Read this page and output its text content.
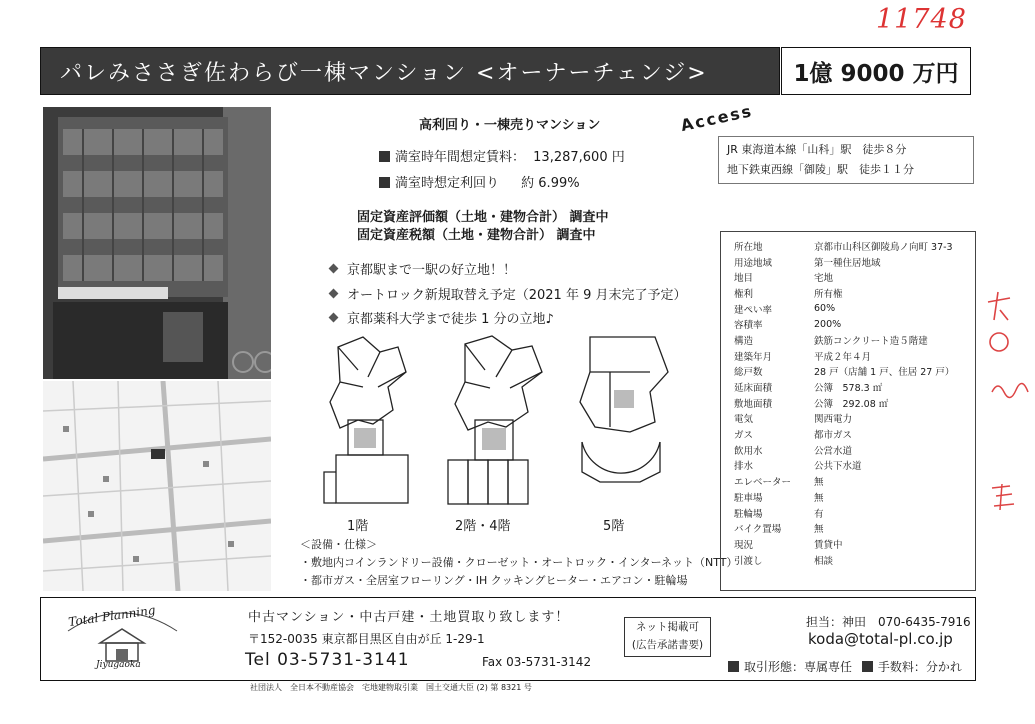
11748
パレみささぎ佐わらび一棟マンション <オーナーチェンジ>	1億 9000 万円
高利回り・一棟売りマンション
満室時年間想定賃料： 13,287,600 円
満室時想定利回り 約 6.99%
固定資産評価額（土地・建物合計） 調査中
固定資産税額（土地・建物合計） 調査中
京都駅まで一駅の好立地！！
オートロック新規取替え予定（2021 年 9 月末完了予定）
京都薬科大学まで徒歩 1 分の立地♪
Access
JR 東海道本線「山科」駅　徒歩８分
地下鉄東西線「御陵」駅　徒歩１１分
1階	2階・4階	5階
＜設備・仕様＞
・敷地内コインランドリー設備・クローゼット・オートロック・インターネット（NTT）
・都市ガス・全居室フローリング・IH クッキングヒーター・エアコン・駐輪場
所在地	京都市山科区御陵鳥ノ向町 37-3
用途地域	第一種住居地域
地目	宅地
権利	所有権
建ぺい率	60%
容積率	200%
構造	鉄筋コンクリート造５階建
建築年月	平成２年４月
総戸数	28 戸（店舗 1 戸、住居 27 戸）
延床面積	公簿　578.3 ㎡
敷地面積	公簿　292.08 ㎡
電気	関西電力
ガス	都市ガス
飲用水	公営水道
排水	公共下水道
エレベーター	無
駐車場	無
駐輪場	有
バイク置場	無
現況	賃貸中
引渡し	相談
Total Planning
Jiyugaoka
中古マンション・中古戸建・土地買取り致します！
〒152-0035 東京都目黒区自由が丘 1-29-1
Tel 03-5731-3141	Fax 03-5731-3142
ネット掲載可
(広告承諾書要)
担当：神田　070-6435-7916
koda@total-pl.co.jp
取引形態：専属専任 手数料：分かれ
社団法人　全日本不動産協会　宅地建物取引業　国土交通大臣 (2) 第 8321 号
